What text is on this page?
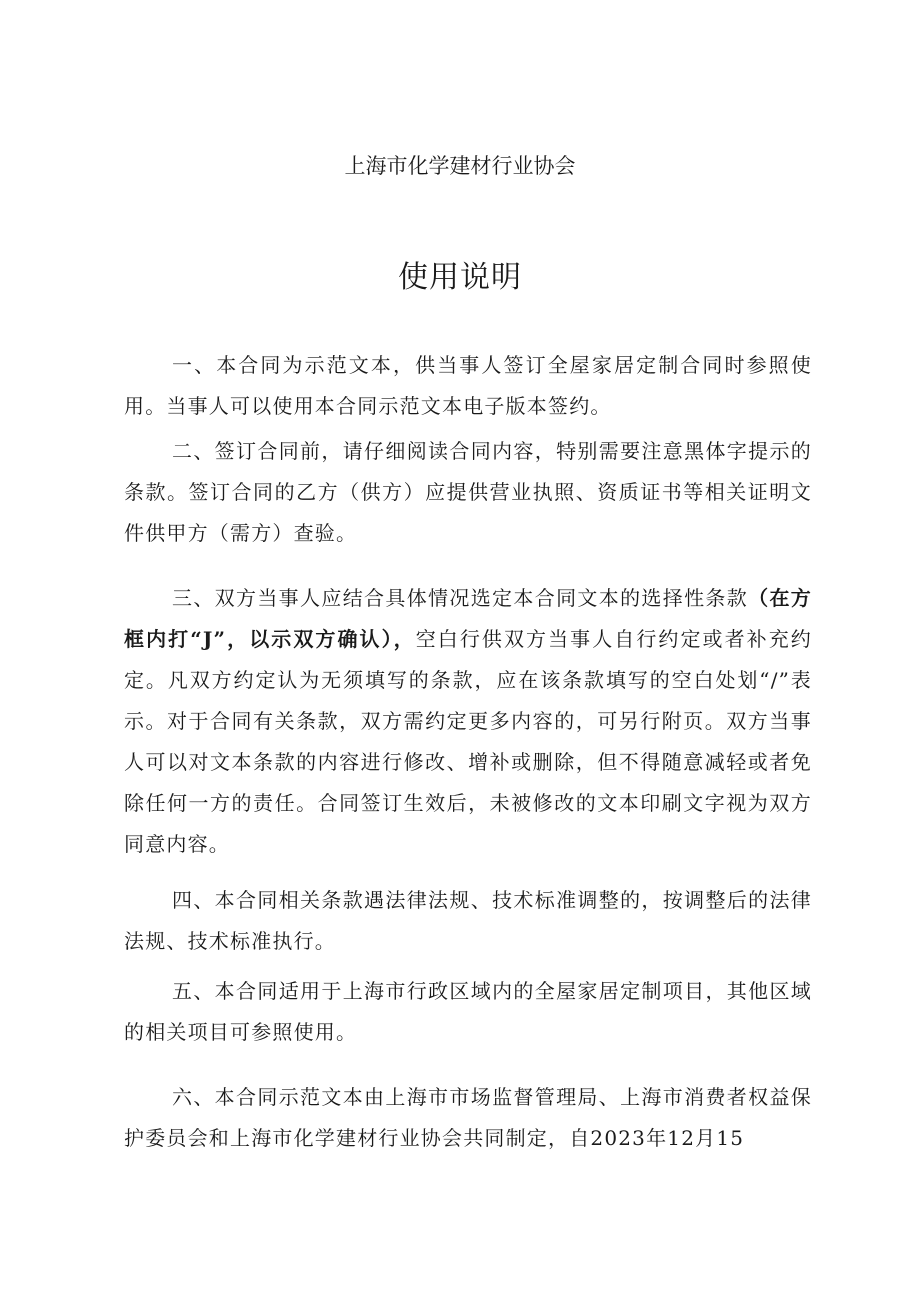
上海市化学建材行业协会
使用说明

一、本合同为示范文本，供当事人签订全屋家居定制合同时参照使用。当事人可以使用本合同示范文本电子版本签约。

二、签订合同前，请仔细阅读合同内容，特别需要注意黑体字提示的条款。签订合同的乙方（供方）应提供营业执照、资质证书等相关证明文件供甲方（需方）查验。

三、双方当事人应结合具体情况选定本合同文本的选择性条款（在方框内打“J”，以示双方确认），空白行供双方当事人自行约定或者补充约定。凡双方约定认为无须填写的条款，应在该条款填写的空白处划“/”表示。对于合同有关条款，双方需约定更多内容的，可另行附页。双方当事人可以对文本条款的内容进行修改、增补或删除，但不得随意减轻或者免除任何一方的责任。合同签订生效后，未被修改的文本印刷文字视为双方同意内容。

四、本合同相关条款遇法律法规、技术标准调整的，按调整后的法律法规、技术标准执行。

五、本合同适用于上海市行政区域内的全屋家居定制项目，其他区域的相关项目可参照使用。

六、本合同示范文本由上海市市场监督管理局、上海市消费者权益保护委员会和上海市化学建材行业协会共同制定，自2023年12月15
